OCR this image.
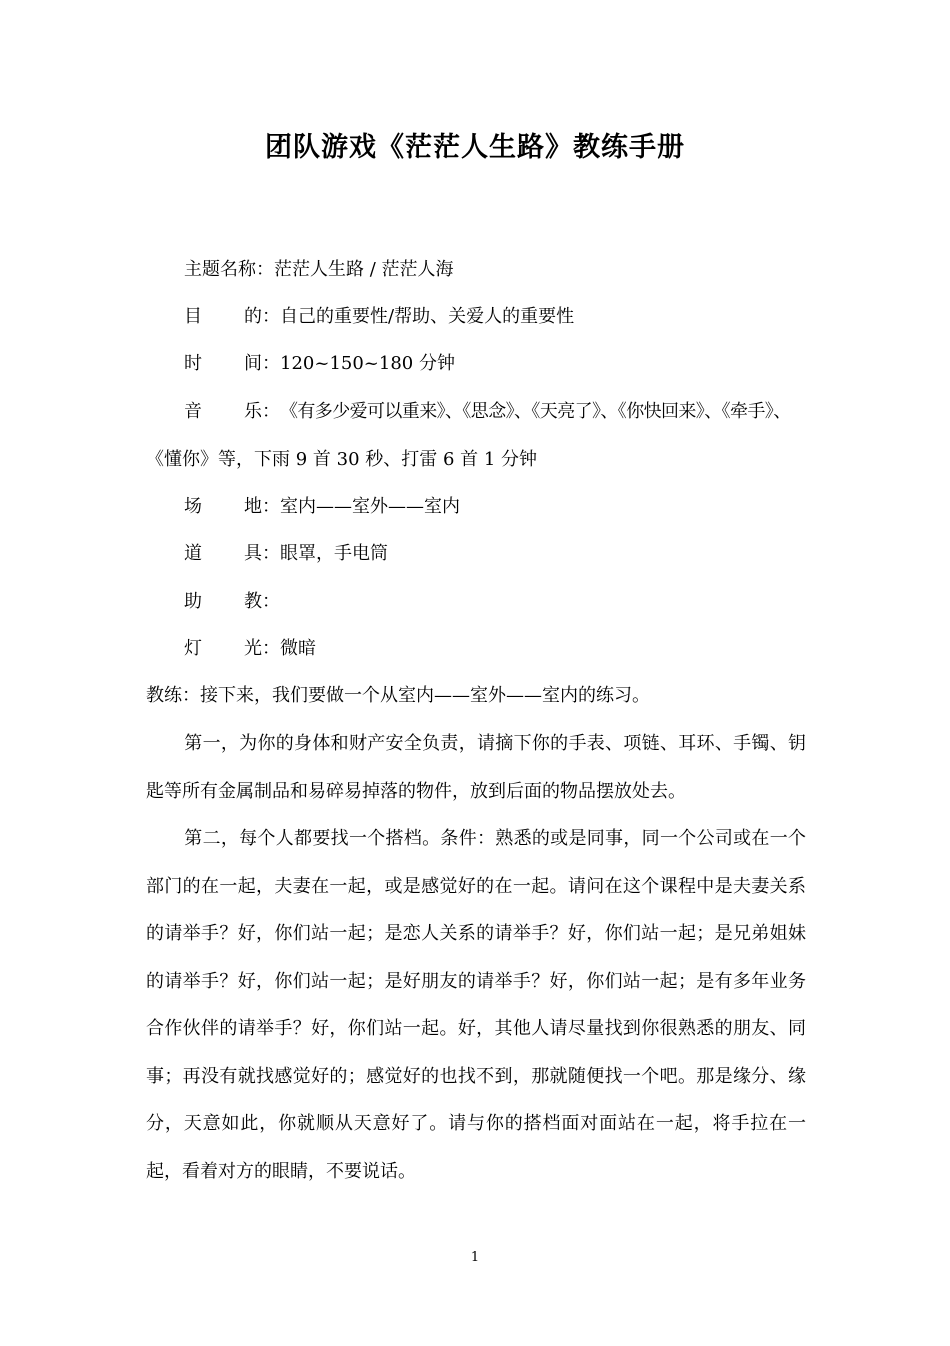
团队游戏《茫茫人生路》教练手册
主题名称：茫茫人生路 / 茫茫人海
目 的： 自己的重要性/帮助、关爱人的重要性
时 间： 120~150~180 分钟
音 乐： 《有多少爱可以重来》、《思念》、《天亮了》、《你快回来》、《牵手》、
《懂你》等，下雨 9 首 30 秒、打雷 6 首 1 分钟
场 地： 室内——室外——室内
道 具： 眼罩，手电筒
助 教：
灯 光： 微暗
教练：接下来，我们要做一个从室内——室外——室内的练习。
第一，为你的身体和财产安全负责，请摘下你的手表、项链、耳环、手镯、钥匙等所有金属制品和易碎易掉落的物件，放到后面的物品摆放处去。
第二，每个人都要找一个搭档。条件：熟悉的或是同事，同一个公司或在一个部门的在一起，夫妻在一起，或是感觉好的在一起。请问在这个课程中是夫妻关系的请举手？好，你们站一起；是恋人关系的请举手？好，你们站一起；是兄弟姐妹的请举手？好，你们站一起；是好朋友的请举手？好，你们站一起；是有多年业务合作伙伴的请举手？好，你们站一起。好，其他人请尽量找到你很熟悉的朋友、同事；再没有就找感觉好的；感觉好的也找不到，那就随便找一个吧。那是缘分、缘分，天意如此，你就顺从天意好了。请与你的搭档面对面站在一起，将手拉在一起，看着对方的眼睛，不要说话。
1
